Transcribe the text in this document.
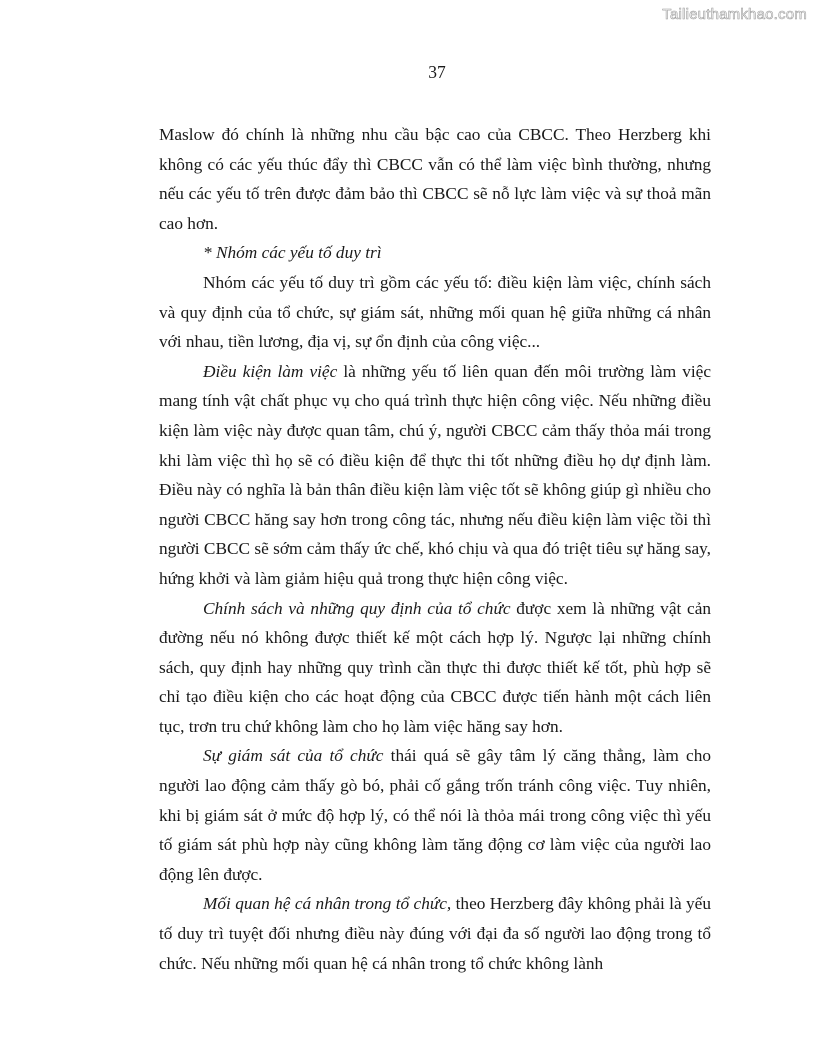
Tailieuthamkhao.com
37

Maslow đó chính là những nhu cầu bậc cao của CBCC. Theo Herzberg khi không có các yếu thúc đẩy thì CBCC vẫn có thể làm việc bình thường, nhưng nếu các yếu tố trên được đảm bảo thì CBCC sẽ nỗ lực làm việc và sự thoả mãn cao hơn.

* Nhóm các yếu tố duy trì

Nhóm các yếu tố duy trì gồm các yếu tố: điều kiện làm việc, chính sách và quy định của tổ chức, sự giám sát, những mối quan hệ giữa những cá nhân với nhau, tiền lương, địa vị, sự ổn định của công việc...

Điều kiện làm việc là những yếu tố liên quan đến môi trường làm việc mang tính vật chất phục vụ cho quá trình thực hiện công việc. Nếu những điều kiện làm việc này được quan tâm, chú ý, người CBCC cảm thấy thỏa mái trong khi làm việc thì họ sẽ có điều kiện để thực thi tốt những điều họ dự định làm. Điều này có nghĩa là bản thân điều kiện làm việc tốt sẽ không giúp gì nhiều cho người CBCC hăng say hơn trong công tác, nhưng nếu điều kiện làm việc tồi thì người CBCC sẽ sớm cảm thấy ức chế, khó chịu và qua đó triệt tiêu sự hăng say, hứng khởi và làm giảm hiệu quả trong thực hiện công việc.

Chính sách và những quy định của tổ chức được xem là những vật cản đường nếu nó không được thiết kế một cách hợp lý. Ngược lại những chính sách, quy định hay những quy trình cần thực thi được thiết kế tốt, phù hợp sẽ chỉ tạo điều kiện cho các hoạt động của CBCC được tiến hành một cách liên tục, trơn tru chứ không làm cho họ làm việc hăng say hơn.

Sự giám sát của tổ chức thái quá sẽ gây tâm lý căng thẳng, làm cho người lao động cảm thấy gò bó, phải cố gắng trốn tránh công việc. Tuy nhiên, khi bị giám sát ở mức độ hợp lý, có thể nói là thỏa mái trong công việc thì yếu tố giám sát phù hợp này cũng không làm tăng động cơ làm việc của người lao động lên được.

Mối quan hệ cá nhân trong tổ chức, theo Herzberg đây không phải là yếu tố duy trì tuyệt đối nhưng điều này đúng với đại đa số người lao động trong tổ chức. Nếu những mối quan hệ cá nhân trong tổ chức không lành
